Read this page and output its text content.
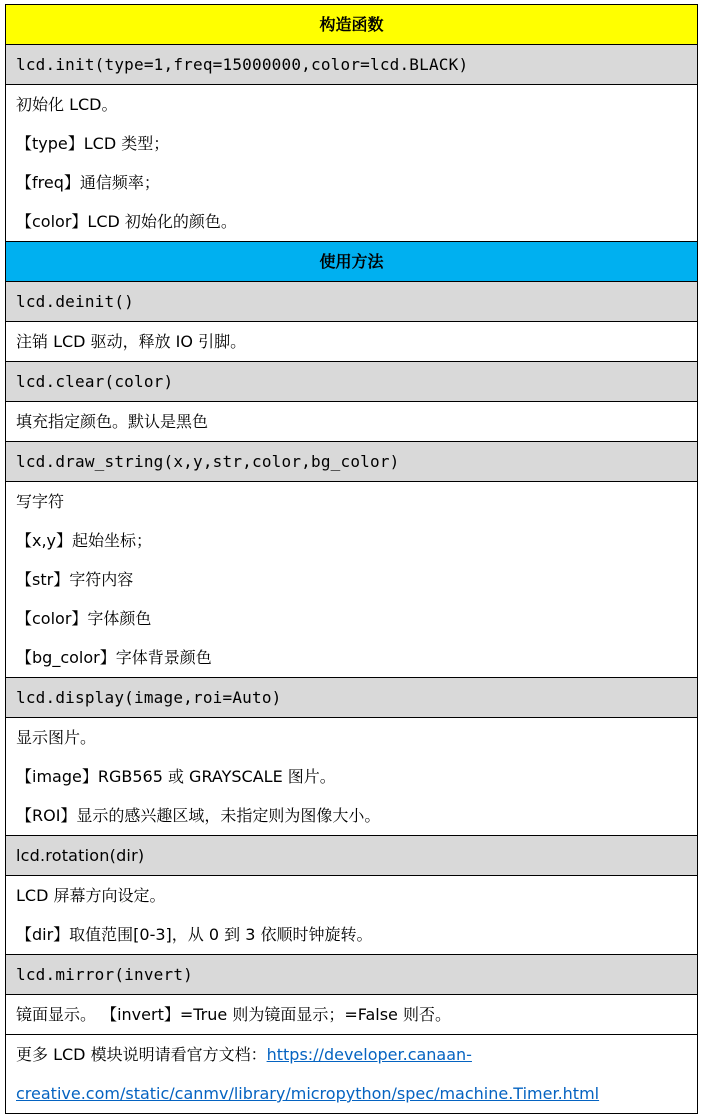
构造函数
lcd.init(type=1,freq=15000000,color=lcd.BLACK)

初始化 LCD。
【type】LCD 类型；
【freq】通信频率；
【color】LCD 初始化的颜色。

使用方法
lcd.deinit()

注销 LCD 驱动，释放 IO 引脚。

lcd.clear(color)

填充指定颜色。默认是黑色

lcd.draw_string(x,y,str,color,bg_color)

写字符
【x,y】起始坐标；
【str】字符内容
【color】字体颜色
【bg_color】字体背景颜色

lcd.display(image,roi=Auto)

显示图片。
【image】RGB565 或 GRAYSCALE 图片。
【ROI】显示的感兴趣区域，未指定则为图像大小。

lcd.rotation(dir)

LCD 屏幕方向设定。
【dir】取值范围[0-3]，从 0 到 3 依顺时钟旋转。

lcd.mirror(invert)

镜面显示。 【invert】=True 则为镜面显示；=False 则否。

更多 LCD 模块说明请看官方文档：https://developer.canaan-
creative.com/static/canmv/library/micropython/spec/machine.Timer.html
